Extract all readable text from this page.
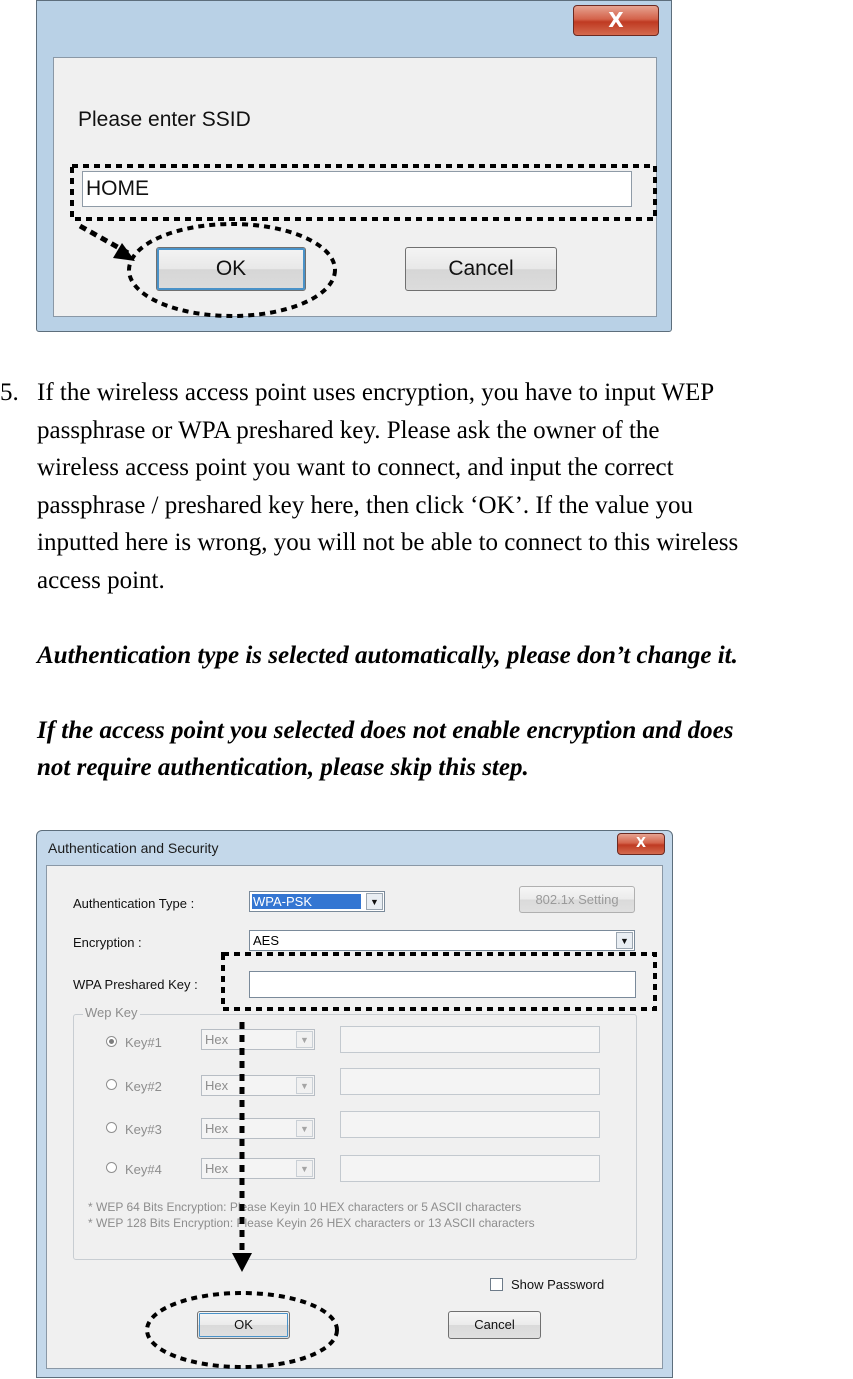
X
Please enter SSID
HOME
OK	Cancel
5. If the wireless access point uses encryption, you have to input WEP
passphrase or WPA preshared key. Please ask the owner of the
wireless access point you want to connect, and input the correct
passphrase / preshared key here, then click ‘OK’. If the value you
inputted here is wrong, you will not be able to connect to this wireless
access point.
Authentication type is selected automatically, please don’t change it.
If the access point you selected does not enable encryption and does
not require authentication, please skip this step.
Authentication and Security	X
Authentication Type :	WPA-PSK	▼	802.1x Setting
Encryption :	AES	▼
WPA Preshared Key :
Wep Key
Key#1	Hex	▼
Key#2	Hex	▼
Key#3	Hex	▼
Key#4	Hex	▼
* WEP 64 Bits Encryption: Please Keyin 10 HEX characters or 5 ASCII characters
* WEP 128 Bits Encryption: Please Keyin 26 HEX characters or 13 ASCII characters
Show Password
OK	Cancel
